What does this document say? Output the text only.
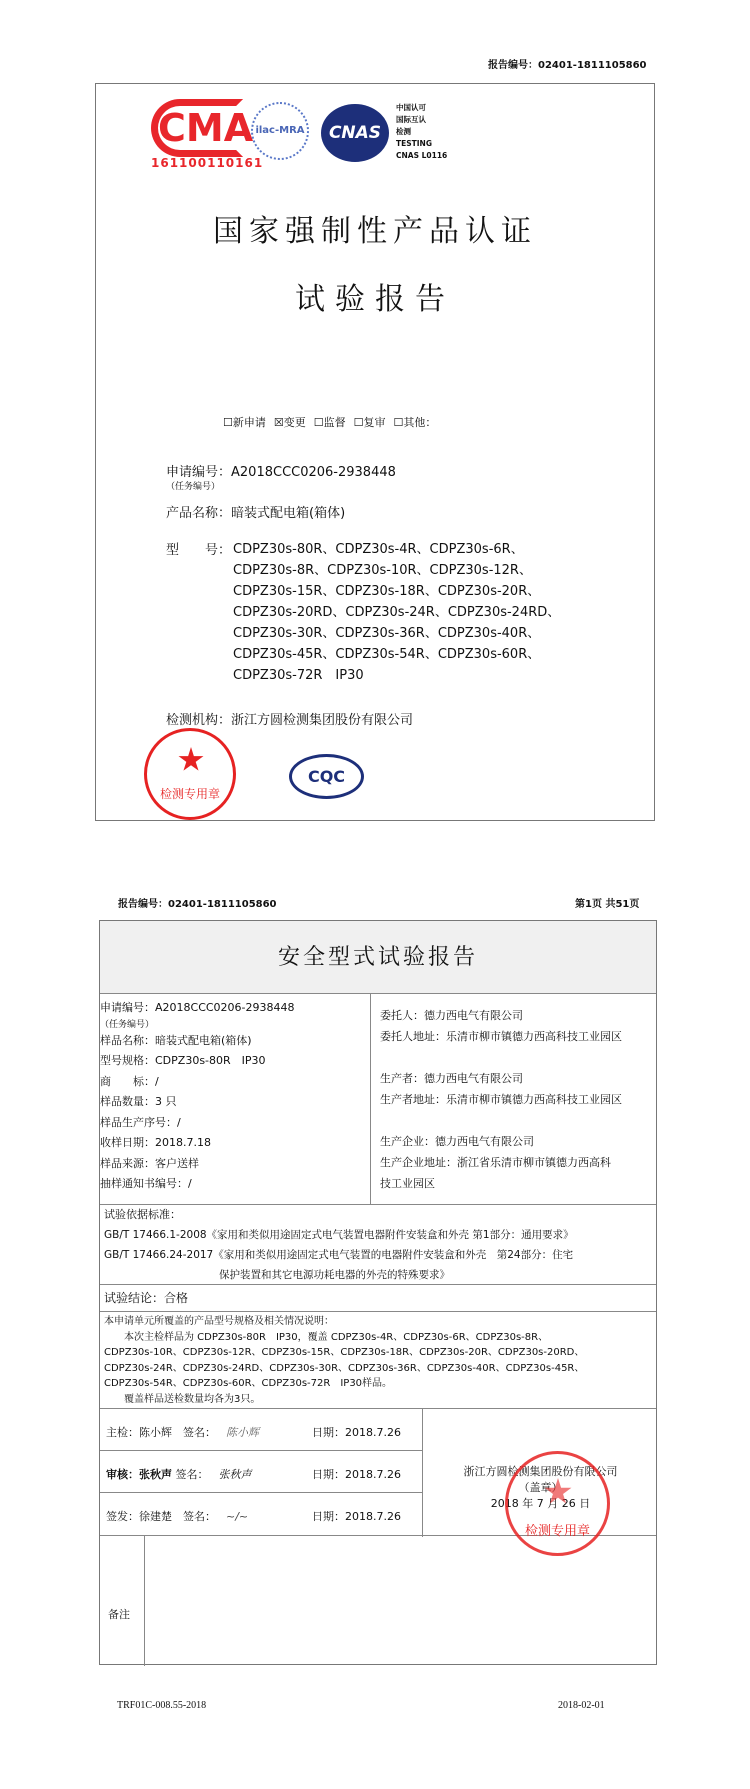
报告编号：02401-1811105860
CMA
161100110161
ilac-MRA	CNAS
中国认可
国际互认
检测
TESTING
CNAS L0116
国家强制性产品认证
试验报告
☐新申请 ☒变更 ☐监督 ☐复审 ☐其他：
申请编号：A2018CCC0206-2938448
（任务编号）
产品名称：暗装式配电箱(箱体)
型　　号： CDPZ30s-80R、CDPZ30s-4R、CDPZ30s-6R、
CDPZ30s-8R、CDPZ30s-10R、CDPZ30s-12R、
CDPZ30s-15R、CDPZ30s-18R、CDPZ30s-20R、
CDPZ30s-20RD、CDPZ30s-24R、CDPZ30s-24RD、
CDPZ30s-30R、CDPZ30s-36R、CDPZ30s-40R、
CDPZ30s-45R、CDPZ30s-54R、CDPZ30s-60R、
CDPZ30s-72R　IP30
检测机构：浙江方圆检测集团股份有限公司
检测专用章
CQC
报告编号：02401-1811105860	第1页 共51页
安全型式试验报告
申请编号：A2018CCC0206-2938448
（任务编号）
样品名称：暗装式配电箱(箱体)
型号规格：CDPZ30s-80R　IP30
商　　标：/
样品数量：3 只
样品生产序号：/
收样日期：2018.7.18
样品来源：客户送样
抽样通知书编号：/
委托人：德力西电气有限公司
委托人地址：乐清市柳市镇德力西高科技工业园区
生产者：德力西电气有限公司
生产者地址：乐清市柳市镇德力西高科技工业园区
生产企业：德力西电气有限公司
生产企业地址：浙江省乐清市柳市镇德力西高科
技工业园区
试验依据标准：
GB/T 17466.1-2008《家用和类似用途固定式电气装置电器附件安装盒和外壳 第1部分：通用要求》
GB/T 17466.24-2017《家用和类似用途固定式电气装置的电器附件安装盒和外壳　第24部分：住宅
保护装置和其它电源功耗电器的外壳的特殊要求》
试验结论：合格
本申请单元所覆盖的产品型号规格及相关情况说明：
　　本次主检样品为 CDPZ30s-80R　IP30，覆盖 CDPZ30s-4R、CDPZ30s-6R、CDPZ30s-8R、
CDPZ30s-10R、CDPZ30s-12R、CDPZ30s-15R、CDPZ30s-18R、CDPZ30s-20R、CDPZ30s-20RD、
CDPZ30s-24R、CDPZ30s-24RD、CDPZ30s-30R、CDPZ30s-36R、CDPZ30s-40R、CDPZ30s-45R、
CDPZ30s-54R、CDPZ30s-60R、CDPZ30s-72R　IP30样品。
　　覆盖样品送检数量均各为3只。
主检：陈小辉　 签名： 陈小辉	日期：2018.7.26
审核：张秋声 签名： 张秋声	日期：2018.7.26
签发：徐建楚　 签名： ~/~	日期：2018.7.26
浙江方圆检测集团股份有限公司
（盖章）
2018 年 7 月 26 日
检测专用章
备注
TRF01C-008.55-2018	2018-02-01
